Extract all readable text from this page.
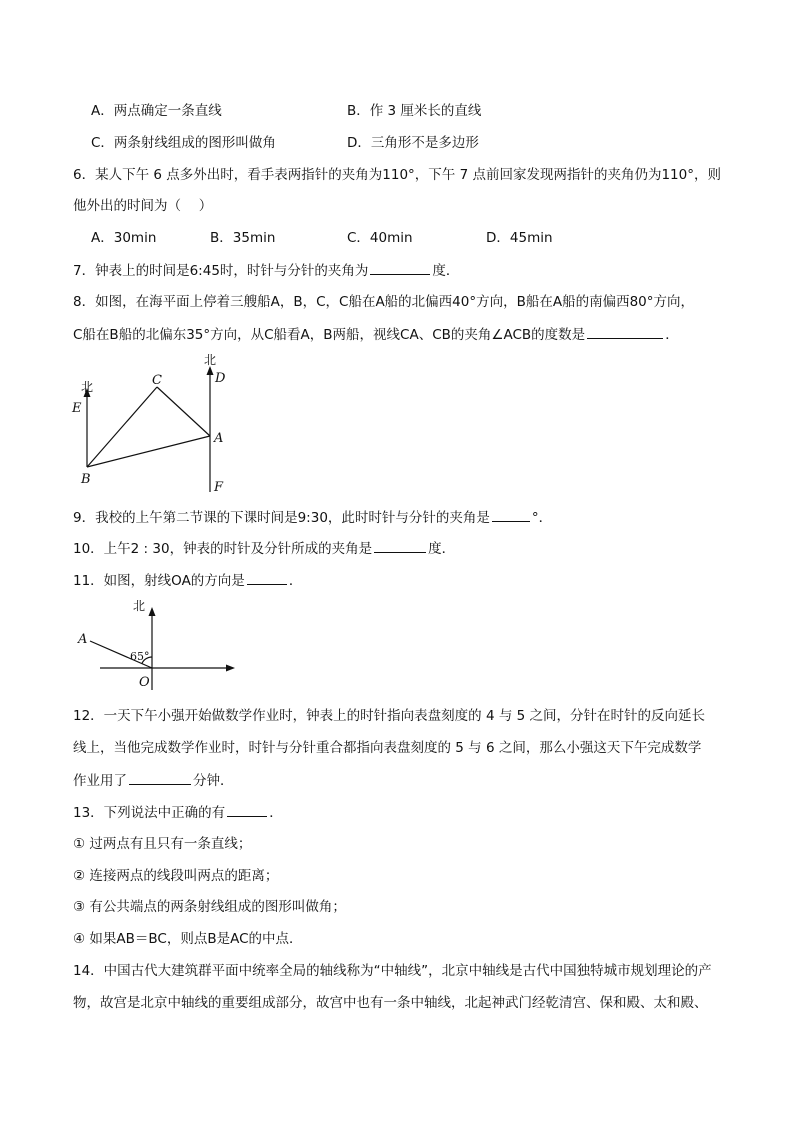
A．两点确定一条直线	B．作 3 厘米长的直线
C．两条射线组成的图形叫做角	D．三角形不是多边形
6．某人下午 6 点多外出时，看手表两指针的夹角为110°，下午 7 点前回家发现两指针的夹角仍为110°，则
他外出的时间为（　 ）
A．30min	B．35min	C．40min	D．45min
7．钟表上的时间是6:45时，时针与分针的夹角为	度．
8．如图，在海平面上停着三艘船A，B，C，C船在A船的北偏西40°方向，B船在A船的南偏西80°方向，
C船在B船的北偏东35°方向，从C船看A，B两船，视线CA、CB的夹角∠ACB的度数是	．
北
北
E
C	D
A
B
F
北
A
O
65°
9．我校的上午第二节课的下课时间是9:30，此时时针与分针的夹角是	°．
10．上午2 : 30，钟表的时针及分针所成的夹角是	度．
11．如图，射线OA的方向是	．
12．一天下午小强开始做数学作业时，钟表上的时针指向表盘刻度的 4 与 5 之间，分针在时针的反向延长
线上，当他完成数学作业时，时针与分针重合都指向表盘刻度的 5 与 6 之间，那么小强这天下午完成数学
作业用了	分钟．
13．下列说法中正确的有	．
① 过两点有且只有一条直线；
② 连接两点的线段叫两点的距离；
③ 有公共端点的两条射线组成的图形叫做角；
④ 如果AB＝BC，则点B是AC的中点．
14．中国古代大建筑群平面中统率全局的轴线称为“中轴线”，北京中轴线是古代中国独特城市规划理论的产
物，故宫是北京中轴线的重要组成部分，故宫中也有一条中轴线，北起神武门经乾清宫、保和殿、太和殿、
